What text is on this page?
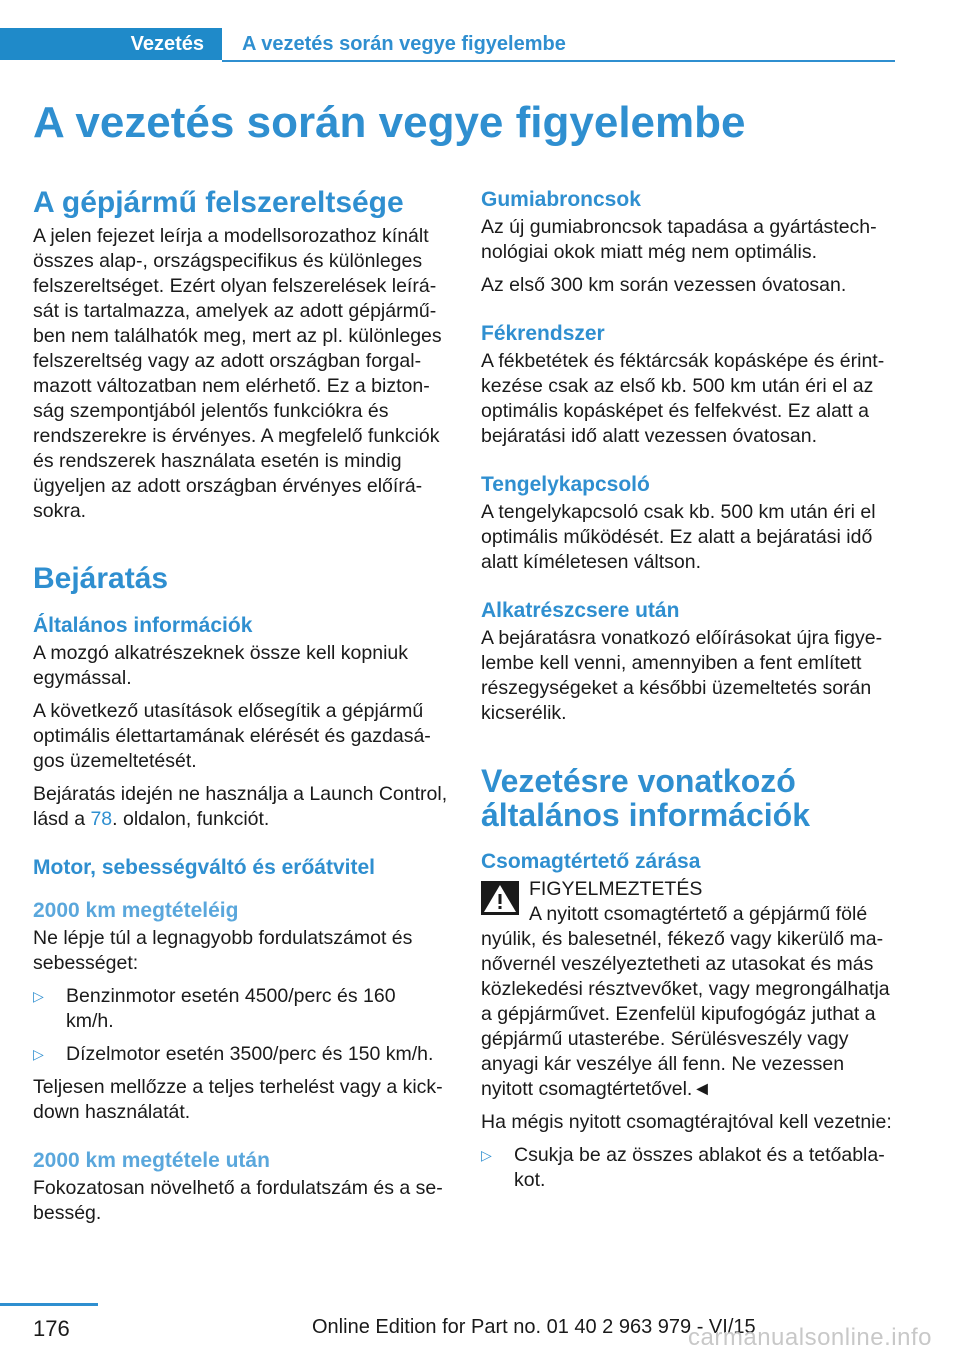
Vezetés	A vezetés során vegye figyelembe
A vezetés során vegye figyelembe
A gépjármű felszereltsége

A jelen fejezet leírja a modellsorozathoz kínált összes alap-, országspecifikus és különleges felszereltséget. Ezért olyan felszerelések leírását is tartalmazza, amelyek az adott gépjárműben nem találhatók meg, mert az pl. különleges felszereltség vagy az adott országban forgalmazott változatban nem elérhető. Ez a biztonság szempontjából jelentős funkciókra és rendszerekre is érvényes. A megfelelő funkciók és rendszerek használata esetén is mindig ügyeljen az adott országban érvényes előírásokra.

Bejáratás
Általános információk

A mozgó alkatrészeknek össze kell kopniuk egymással.

A következő utasítások elősegítik a gépjármű optimális élettartamának elérését és gazdaságos üzemeltetését.

Bejáratás idején ne használja a Launch Control, lásd a 78. oldalon, funkciót.

Motor, sebességváltó és erőátvitel
2000 km megtételéig

Ne lépje túl a legnagyobb fordulatszámot és sebességet:

▷	Benzinmotor esetén 4500/perc és 160 km/h.
▷	Dízelmotor esetén 3500/perc és 150 km/h.

Teljesen mellőzze a teljes terhelést vagy a kick-down használatát.

2000 km megtétele után

Fokozatosan növelhető a fordulatszám és a sebesség.

Gumiabroncsok

Az új gumiabroncsok tapadása a gyártástechnológiai okok miatt még nem optimális.

Az első 300 km során vezessen óvatosan.

Fékrendszer

A fékbetétek és féktárcsák kopásképe és érintkezése csak az első kb. 500 km után éri el az optimális kopásképet és felfekvést. Ez alatt a bejáratási idő alatt vezessen óvatosan.

Tengelykapcsoló

A tengelykapcsoló csak kb. 500 km után éri el optimális működését. Ez alatt a bejáratási idő alatt kíméletesen váltson.

Alkatrészcsere után

A bejáratásra vonatkozó előírásokat újra figyelembe kell venni, amennyiben a fent említett részegységeket a későbbi üzemeltetés során kicserélik.

Vezetésre vonatkozó általános információk
Csomagtértető zárása
FIGYELMEZTETÉS

A nyitott csomagtértető a gépjármű fölé nyúlik, és balesetnél, fékező vagy kikerülő manővernél veszélyeztetheti az utasokat és más közlekedési résztvevőket, vagy megrongálhatja a gépjárművet. Ezenfelül kipufogógáz juthat a gépjármű utasterébe. Sérülésveszély vagy anyagi kár veszélye áll fenn. Ne vezessen nyitott csomagtértetővel.◄

Ha mégis nyitott csomagtérajtóval kell vezetnie:

▷	Csukja be az összes ablakot és a tetőablakot.
176	Online Edition for Part no. 01 40 2 963 979 - VI/15
carmanualsonline.info
